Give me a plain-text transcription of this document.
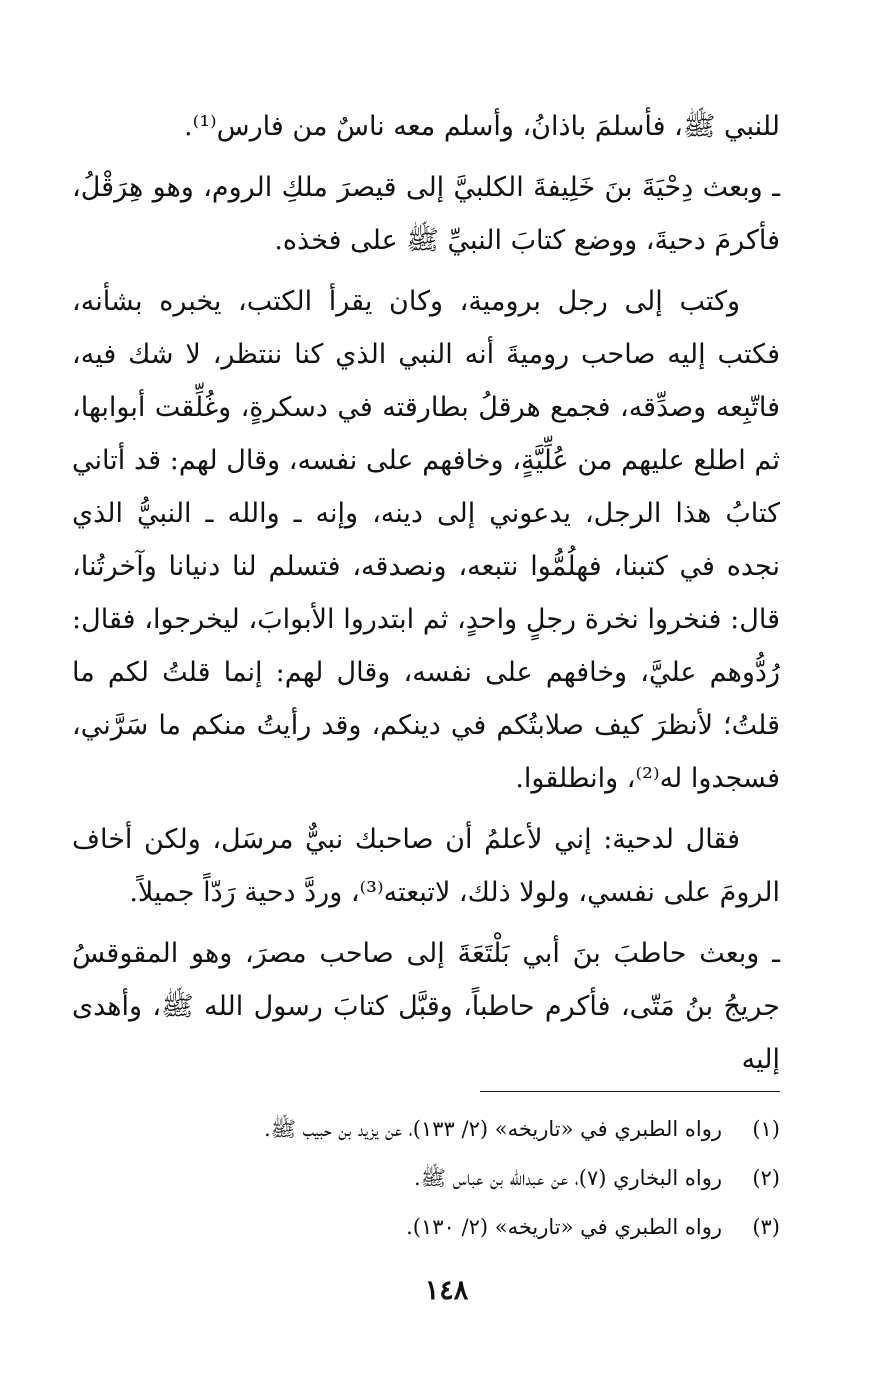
للنبي ﷺ، فأسلمَ باذانُ، وأسلم معه ناسٌ من فارس⁽¹⁾.

ـ وبعث دِحْيَةَ بنَ خَلِيفةَ الكلبيَّ إلى قيصرَ ملكِ الروم، وهو هِرَقْلُ، فأكرمَ دحيةَ، ووضع كتابَ النبيِّ ﷺ على فخذه.

وكتب إلى رجل برومية، وكان يقرأ الكتب، يخبره بشأنه، فكتب إليه صاحب روميةَ أنه النبي الذي كنا ننتظر، لا شك فيه، فاتّبِعه وصدِّقه، فجمع هرقلُ بطارقته في دسكرةٍ، وغُلِّقت أبوابها، ثم اطلع عليهم من عُلِّيَّةٍ، وخافهم على نفسه، وقال لهم: قد أتاني كتابُ هذا الرجل، يدعوني إلى دينه، وإنه ـ والله ـ النبيُّ الذي نجده في كتبنا، فهلُمُّوا نتبعه، ونصدقه، فتسلم لنا دنيانا وآخرتُنا، قال: فنخروا نخرة رجلٍ واحدٍ، ثم ابتدروا الأبوابَ، ليخرجوا، فقال: رُدُّوهم عليَّ، وخافهم على نفسه، وقال لهم: إنما قلتُ لكم ما قلتُ؛ لأنظرَ كيف صلابتُكم في دينكم، وقد رأيتُ منكم ما سَرَّني، فسجدوا له⁽²⁾، وانطلقوا.

فقال لدحية: إني لأعلمُ أن صاحبك نبيٌّ مرسَل، ولكن أخاف الرومَ على نفسي، ولولا ذلك، لاتبعته⁽³⁾، وردَّ دحية رَدّاً جميلاً.

ـ وبعث حاطبَ بنَ أبي بَلْتَعَةَ إلى صاحب مصرَ، وهو المقوقسُ جريجُ بنُ مَتّى، فأكرم حاطباً، وقبَّل كتابَ رسول الله ﷺ، وأهدى إليه

(١)
رواه الطبري في «تاريخه» (٢/ ١٣٣)، عن يزيد بن حبيب ﷺ.
(٢)
رواه البخاري (٧)، عن عبدالله بن عباس ﷺ.
(٣)
رواه الطبري في «تاريخه» (٢/ ١٣٠).
١٤٨
